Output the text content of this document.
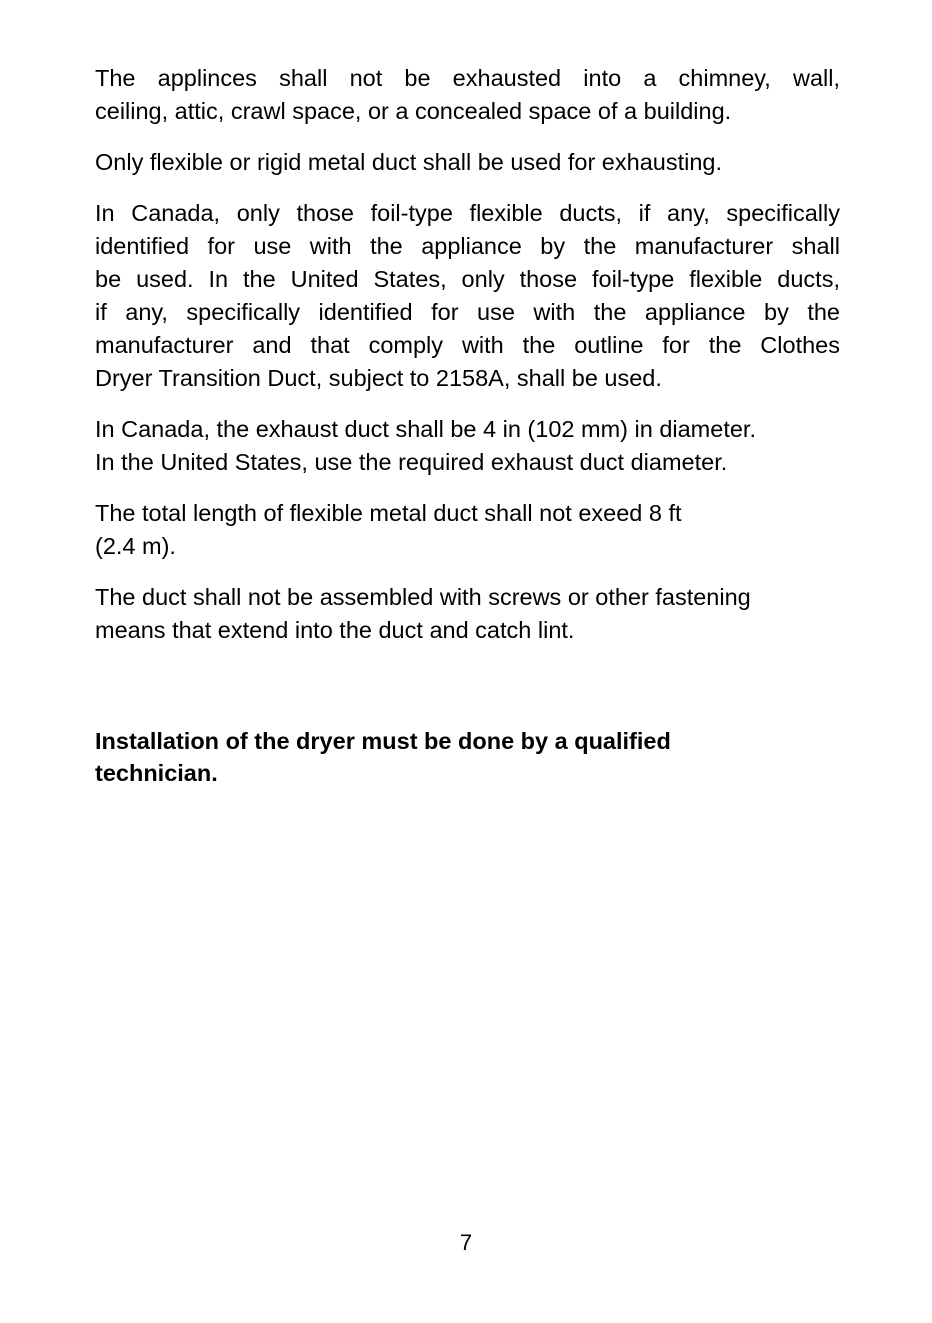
The applinces shall not be exhausted into a chimney, wall,
ceiling, attic, crawl space, or a concealed space of a building.

Only flexible or rigid metal duct shall be used for exhausting.

In Canada, only those foil-type flexible ducts, if any, specifically
identified for use with the appliance by the manufacturer shall
be used. In the United States, only those foil-type flexible ducts,
if any, specifically identified for use with the appliance by the
manufacturer and that comply with the outline for the Clothes
Dryer Transition Duct, subject to 2158A, shall be used.

In Canada, the exhaust duct shall be 4 in (102 mm) in diameter.
In the United States, use the required exhaust duct diameter.

The total length of flexible metal duct shall not exeed 8 ft
(2.4 m).

The duct shall not be assembled with screws or other fastening
means that extend into the duct and catch lint.

Installation of the dryer must be done by a qualified
technician.

7
